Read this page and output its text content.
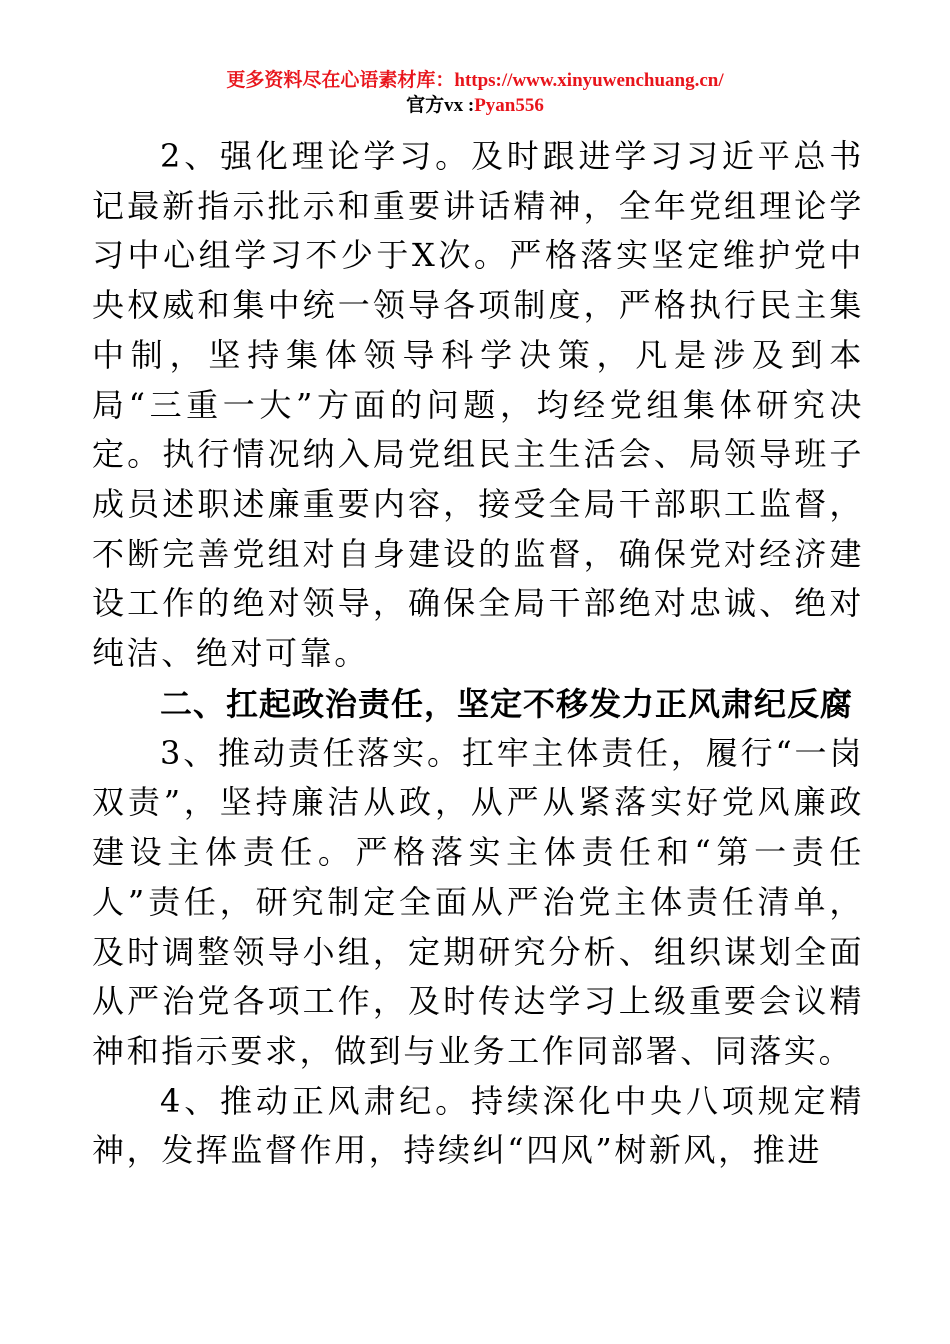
更多资料尽在心语素材库：https://www.xinyuwenchuang.cn/
官方vx :Pyan556

2、强化理论学习。及时跟进学习习近平总书记最新指示批示和重要讲话精神，全年党组理论学习中心组学习不少于X次。严格落实坚定维护党中央权威和集中统一领导各项制度，严格执行民主集中制，坚持集体领导科学决策，凡是涉及到本局“三重一大”方面的问题，均经党组集体研究决定。执行情况纳入局党组民主生活会、局领导班子成员述职述廉重要内容，接受全局干部职工监督，不断完善党组对自身建设的监督，确保党对经济建设工作的绝对领导，确保全局干部绝对忠诚、绝对纯洁、绝对可靠。

二、扛起政治责任，坚定不移发力正风肃纪反腐

3、推动责任落实。扛牢主体责任，履行“一岗双责”，坚持廉洁从政，从严从紧落实好党风廉政建设主体责任。严格落实主体责任和“第一责任人”责任，研究制定全面从严治党主体责任清单，及时调整领导小组，定期研究分析、组织谋划全面从严治党各项工作，及时传达学习上级重要会议精神和指示要求，做到与业务工作同部署、同落实。

4、推动正风肃纪。持续深化中央八项规定精神，发挥监督作用，持续纠“四风”树新风，推进
